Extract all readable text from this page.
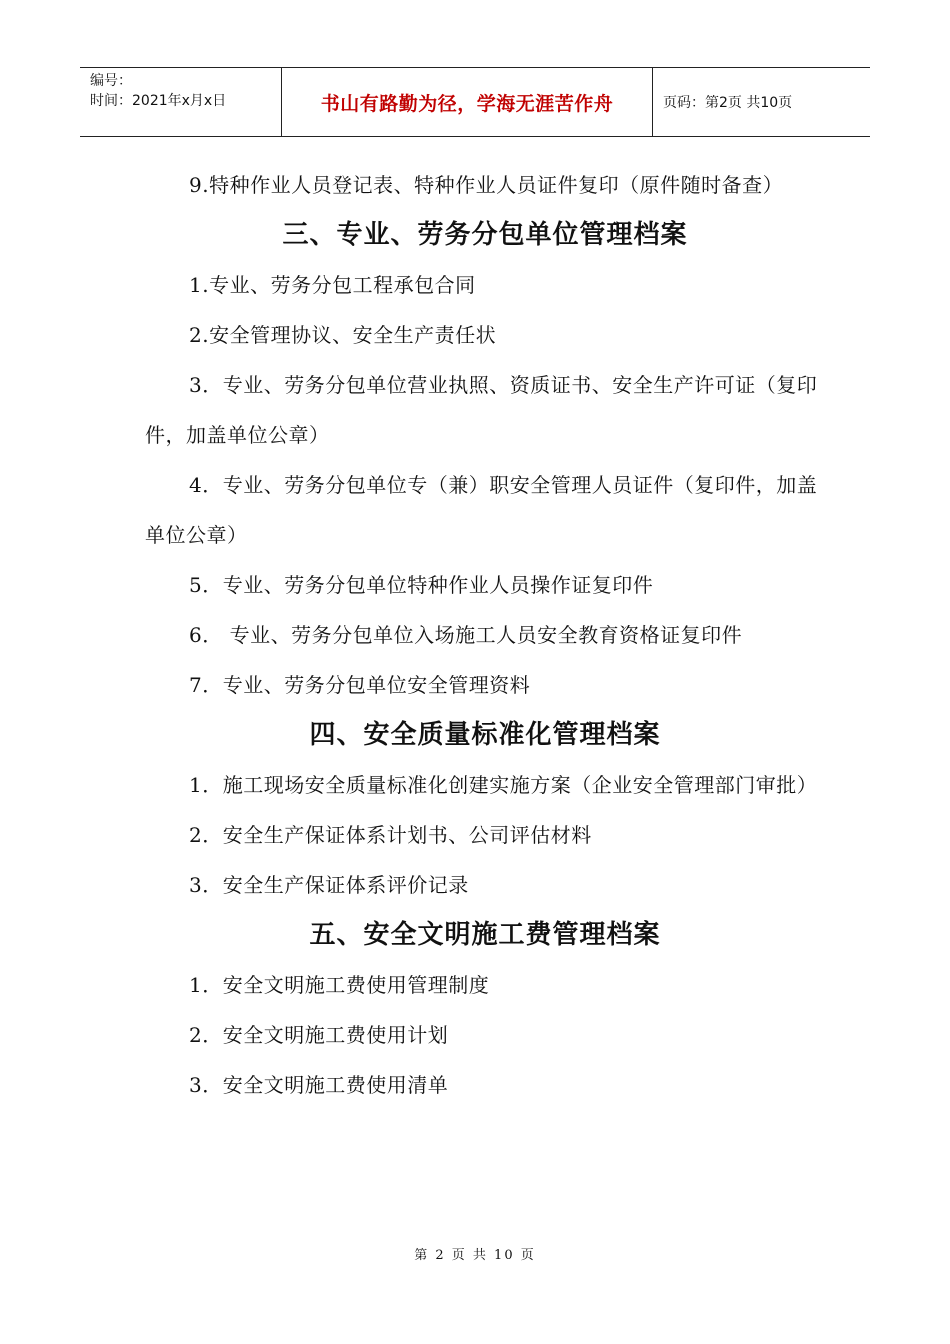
编号：
时间：2021年x月x日	书山有路勤为径，学海无涯苦作舟	页码：第2页 共10页

9.特种作业人员登记表、特种作业人员证件复印（原件随时备查）

三、专业、劳务分包单位管理档案

1.专业、劳务分包工程承包合同

2.安全管理协议、安全生产责任状

3．专业、劳务分包单位营业执照、资质证书、安全生产许可证（复印件，加盖单位公章）

4．专业、劳务分包单位专（兼）职安全管理人员证件（复印件，加盖单位公章）

5．专业、劳务分包单位特种作业人员操作证复印件

6． 专业、劳务分包单位入场施工人员安全教育资格证复印件

7．专业、劳务分包单位安全管理资料

四、安全质量标准化管理档案

1．施工现场安全质量标准化创建实施方案（企业安全管理部门审批）

2．安全生产保证体系计划书、公司评估材料

3．安全生产保证体系评价记录

五、安全文明施工费管理档案

1．安全文明施工费使用管理制度

2．安全文明施工费使用计划

3．安全文明施工费使用清单

第 2 页 共 10 页
